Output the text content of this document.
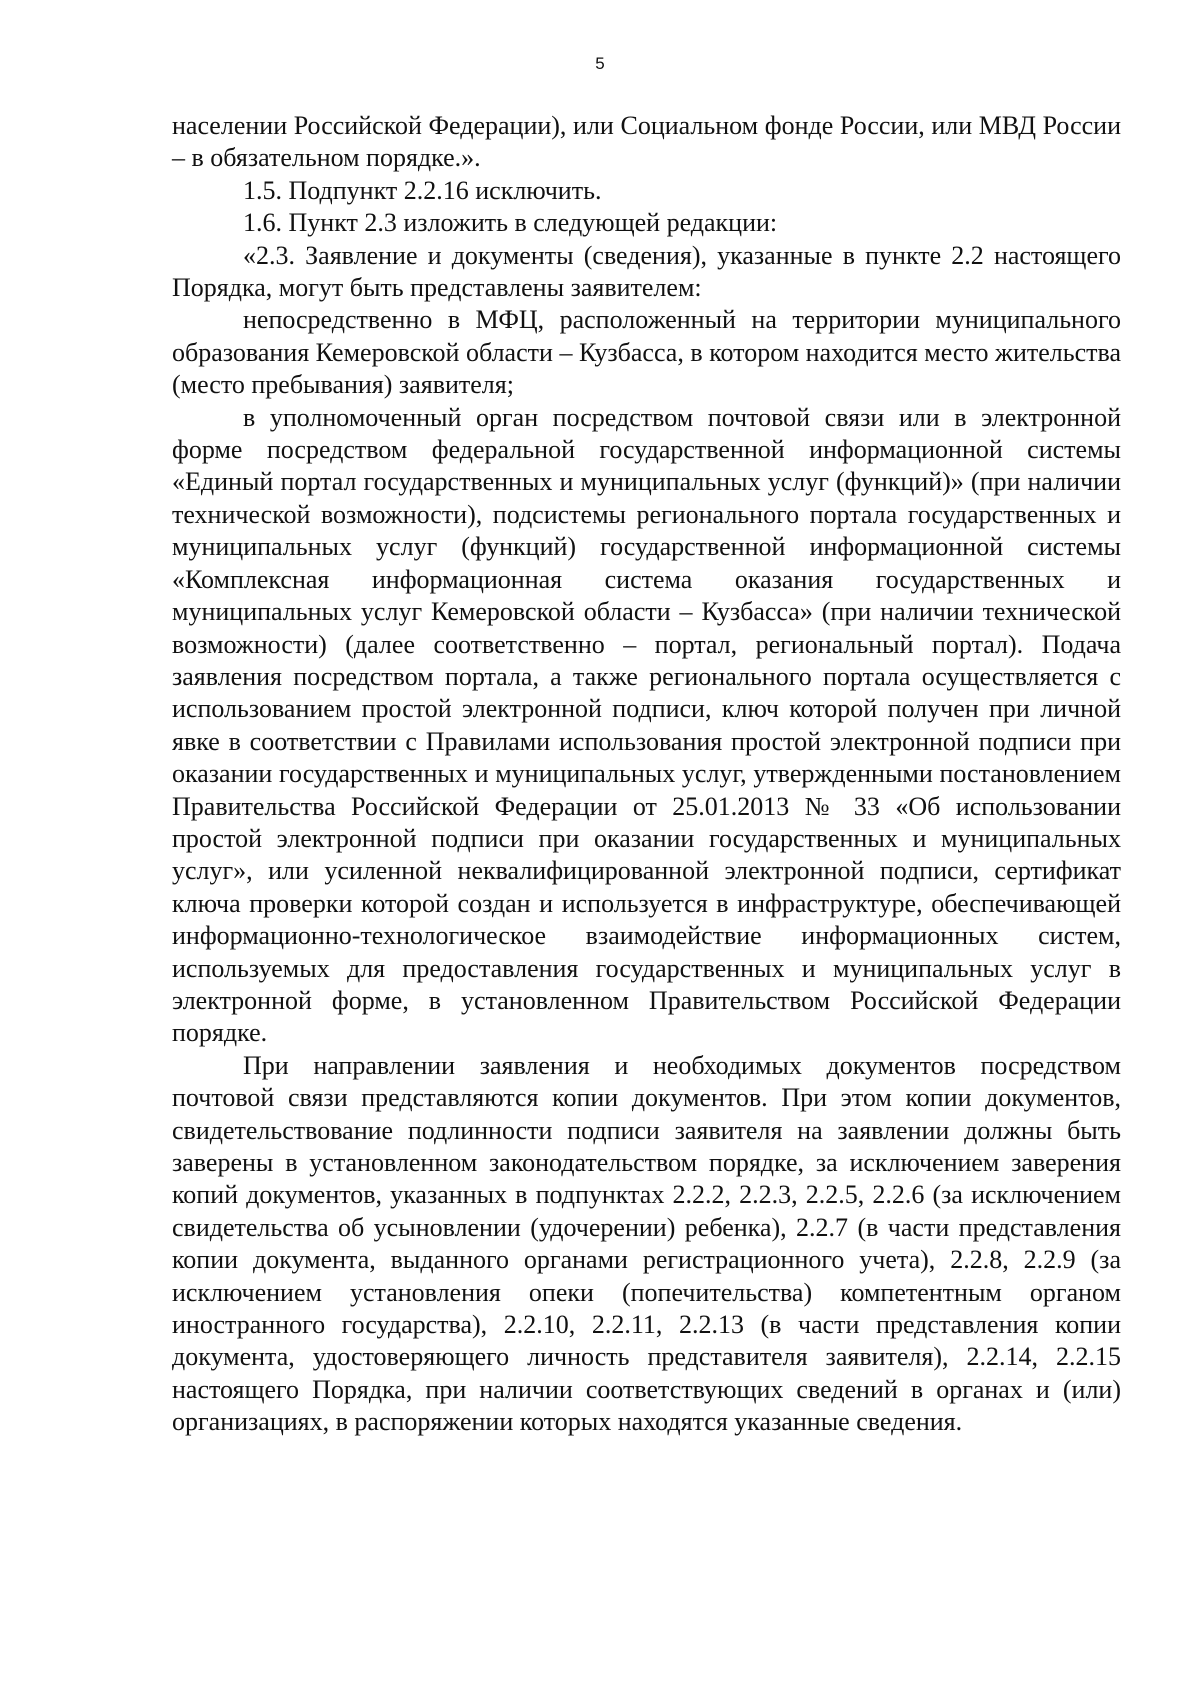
5

населении Российской Федерации), или Социальном фонде России, или МВД России – в обязательном порядке.».

1.5. Подпункт 2.2.16 исключить.

1.6. Пункт 2.3 изложить в следующей редакции:

«2.3. Заявление и документы (сведения), указанные в пункте 2.2 настоящего Порядка, могут быть представлены заявителем:

непосредственно в МФЦ, расположенный на территории муниципального образования Кемеровской области – Кузбасса, в котором находится место жительства (место пребывания) заявителя;

в уполномоченный орган посредством почтовой связи или в электронной форме посредством федеральной государственной информационной системы «Единый портал государственных и муниципальных услуг (функций)» (при наличии технической возможности), подсистемы регионального портала государственных и муниципальных услуг (функций) государственной информационной системы «Комплексная информационная система оказания государственных и муниципальных услуг Кемеровской области – Кузбасса» (при наличии технической возможности) (далее соответственно – портал, региональный портал). Подача заявления посредством портала, а также регионального портала осуществляется с использованием простой электронной подписи, ключ которой получен при личной явке в соответствии с Правилами использования простой электронной подписи при оказании государственных и муниципальных услуг, утвержденными постановлением Правительства Российской Федерации от 25.01.2013 № 33 «Об использовании простой электронной подписи при оказании государственных и муниципальных услуг», или усиленной неквалифицированной электронной подписи, сертификат ключа проверки которой создан и используется в инфраструктуре, обеспечивающей информационно-технологическое взаимодействие информационных систем, используемых для предоставления государственных и муниципальных услуг в электронной форме, в установленном Правительством Российской Федерации порядке.

При направлении заявления и необходимых документов посредством почтовой связи представляются копии документов. При этом копии документов, свидетельствование подлинности подписи заявителя на заявлении должны быть заверены в установленном законодательством порядке, за исключением заверения копий документов, указанных в подпунктах 2.2.2, 2.2.3, 2.2.5, 2.2.6 (за исключением свидетельства об усыновлении (удочерении) ребенка), 2.2.7 (в части представления копии документа, выданного органами регистрационного учета), 2.2.8, 2.2.9 (за исключением установления опеки (попечительства) компетентным органом иностранного государства), 2.2.10, 2.2.11, 2.2.13 (в части представления копии документа, удостоверяющего личность представителя заявителя), 2.2.14, 2.2.15 настоящего Порядка, при наличии соответствующих сведений в органах и (или) организациях, в распоряжении которых находятся указанные сведения.
